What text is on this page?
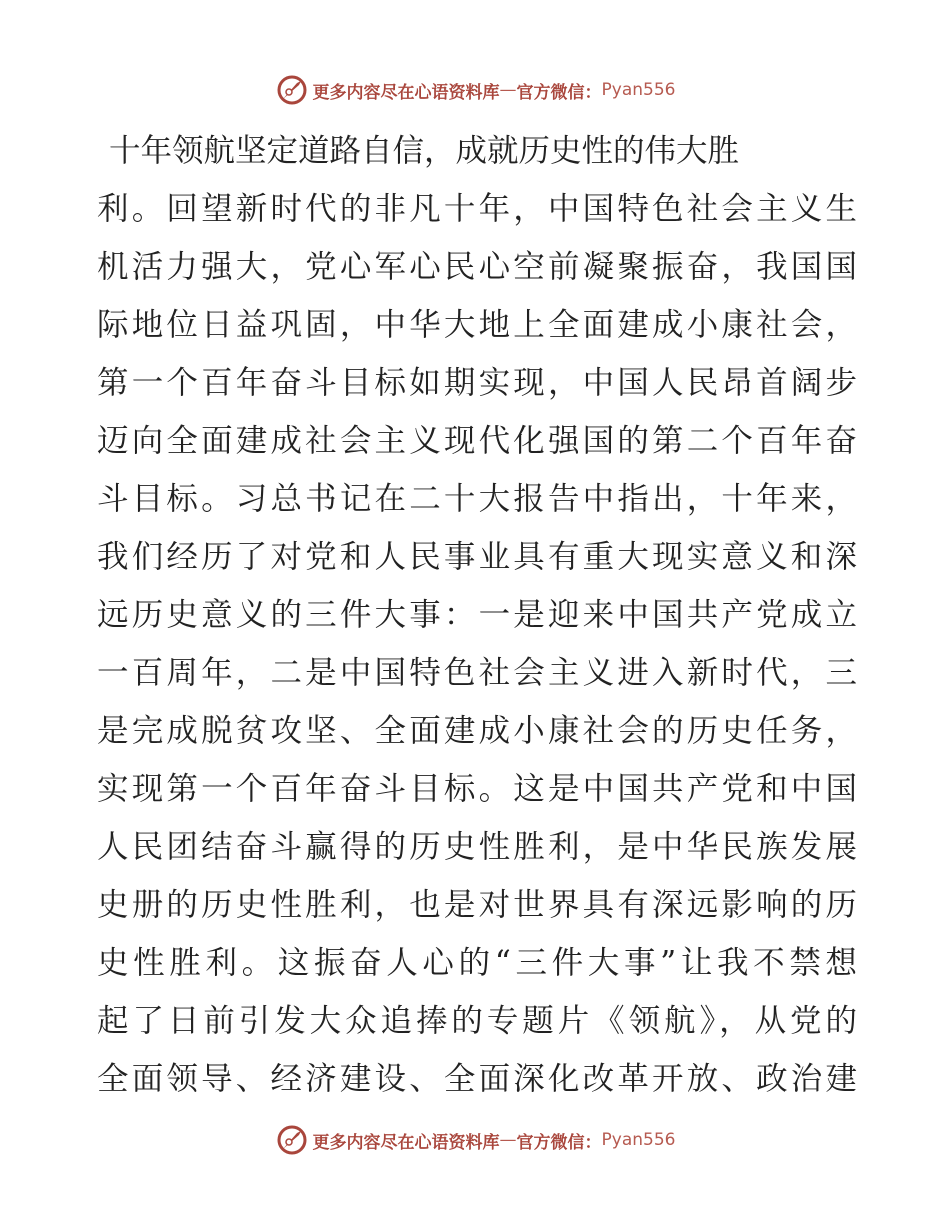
更多内容尽在心语资料库 — 官方微信： Pyan556
十年领航坚定道路自信，成就历史性的伟大胜
利。回望新时代的非凡十年，中国特色社会主义生
机活力强大，党心军心民心空前凝聚振奋，我国国
际地位日益巩固，中华大地上全面建成小康社会，
第一个百年奋斗目标如期实现，中国人民昂首阔步
迈向全面建成社会主义现代化强国的第二个百年奋
斗目标。习总书记在二十大报告中指出，十年来，
我们经历了对党和人民事业具有重大现实意义和深
远历史意义的三件大事：一是迎来中国共产党成立
一百周年，二是中国特色社会主义进入新时代，三
是完成脱贫攻坚、全面建成小康社会的历史任务，
实现第一个百年奋斗目标。这是中国共产党和中国
人民团结奋斗赢得的历史性胜利，是中华民族发展
史册的历史性胜利，也是对世界具有深远影响的历
史性胜利。这振奋人心的“三件大事”让我不禁想
起了日前引发大众追捧的专题片《领航》，从党的
全面领导、经济建设、全面深化改革开放、政治建
更多内容尽在心语资料库 — 官方微信： Pyan556
